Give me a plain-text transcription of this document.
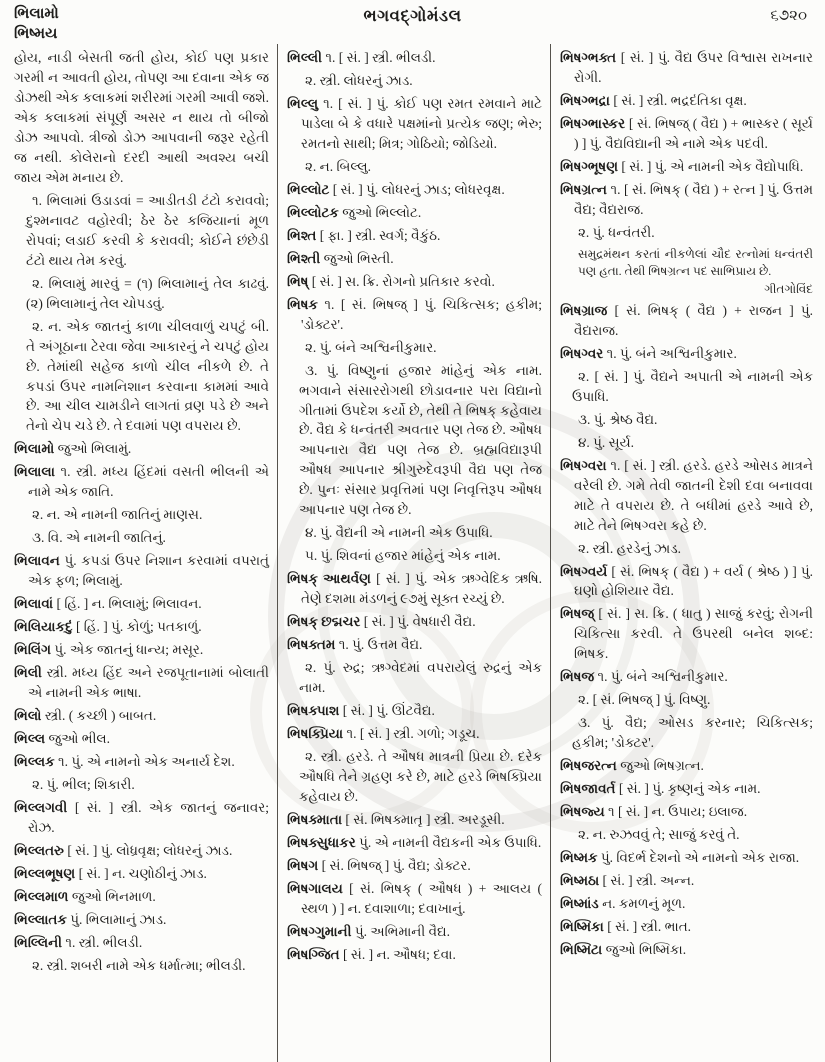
ભિલામો
ભિષ્મય
ભગવદ્ગોમંડલ	૬૭૨૦

હોય, નાડી બેસતી જતી હોય, કોઈ પણ પ્રકાર ગરમી ન આવતી હોય, તોપણ આ દવાના એક જ ડોઝથી એક કલાકમાં શરીરમાં ગરમી આવી જશે. એક કલાકમાં સંપૂર્ણ અસર ન થાય તો બીજો ડોઝ આપવો. ત્રીજો ડોઝ આપવાની જરૂર રહેતી જ નથી. કોલેરાનો દરદી આથી અવશ્ય બચી જાય એમ મનાય છે.

૧. ભિલામાં ઉડાડવાં = આડીતડી ટંટો કરાવવો; દુશ્મનાવટ વહોરવી; ઠેર ઠેર કજિયાનાં મૂળ રોપવાં; લડાઈ કરવી કે કરાવવી; કોઈને છંછેડી ટંટો થાય તેમ કરવું.

૨. ભિલામું મારવું = (૧) ભિલામાનું તેલ કાઢવું. (૨) ભિલામાનું તેલ ચોપડવું.

૨. ન. એક જાતનું કાળા ચીલવાળું ચપટું બી. તે અંગૂઠાના ટેરવા જેવા આકારનું ને ચપટું હોય છે. તેમાંથી સહેજ કાળો ચીલ નીકળે છે. તે કપડાં ઉપર નામનિશાન કરવાના કામમાં આવે છે. આ ચીલ ચામડીને લાગતાં વ્રણ પડે છે અને તેનો ચેપ ચડે છે. તે દવામાં પણ વપરાય છે.

ભિલામો જુઓ ભિલામું.

ભિલાલા ૧. સ્ત્રી. મધ્ય હિંદમાં વસતી ભીલની એ નામે એક જાતિ.

૨. ન. એ નામની જાતિનું માણસ.

૩. વિ. એ નામની જાતિનું.

ભિલાવન પું. કપડાં ઉપર નિશાન કરવામાં વપરાતું એક ફળ; ભિલામું.

ભિલાવાં [ હિં. ] ન. ભિલામું; ભિલાવન.

ભિલિયાકદું [ હિં. ] પું. કોળું; પતકાળું.

ભિલિંગ પું. એક જાતનું ધાન્ય; મસૂર.

ભિલી સ્ત્રી. મધ્ય હિંદ અને રજપૂતાનામાં બોલાતી એ નામની એક ભાષા.

ભિલો સ્ત્રી. ( કચ્છી ) બાબત.

ભિલ્લ જુઓ ભીલ.

ભિલ્લક ૧. પું. એ નામનો એક અનાર્ય દેશ.

૨. પું. ભીલ; શિકારી.

ભિલ્લગવી [ સં. ] સ્ત્રી. એક જાતનું જનાવર; રોઝ.

ભિલ્લતરુ [ સં. ] પું. લોધ્રવૃક્ષ; લોધરનું ઝાડ.

ભિલ્લભૂષણ [ સં. ] ન. ચણોઠીનું ઝાડ.

ભિલ્લમાળ જુઓ ભિનમાળ.

ભિલ્લાતક પું. ભિલામાનું ઝાડ.

ભિલ્લિની ૧. સ્ત્રી. ભીલડી.

૨. સ્ત્રી. શબરી નામે એક ધર્માત્મા; ભીલડી.

ભિલ્લી ૧. [ સં. ] સ્ત્રી. ભીલડી.

૨. સ્ત્રી. લોધરનું ઝાડ.

ભિલ્લુ ૧. [ સં. ] પું. કોઈ પણ રમત રમવાને માટે પાડેલા બે કે વધારે પક્ષમાંનો પ્રત્યેક જણ; ભેરુ; રમતનો સાથી; મિત્ર; ગોઠિયો; જોડિયો.

૨. ન. બિલ્લુ.

ભિલ્લોટ [ સં. ] પું. લોધરનું ઝાડ; લોધરવૃક્ષ.

ભિલ્લોટક જુઓ ભિલ્લોટ.

ભિશ્ત [ ફા. ] સ્ત્રી. સ્વર્ગ; વૈકુંઠ.

ભિશ્તી જુઓ ભિસ્તી.

ભિષ્ [ સં. ] સ. ક્રિ. રોગનો પ્રતિકાર કરવો.

ભિષક ૧. [ સં. ભિષજ્ ] પું. ચિકિત્સક; હકીમ; 'ડોક્ટર'.

૨. પું. બંને અશ્વિનીકુમાર.

૩. પું. વિષ્ણુનાં હજાર માંહેનું એક નામ. ભગવાને સંસારરોગથી છોડાવનાર પરા વિદ્યાનો ગીતામાં ઉપદેશ કર્યો છે, તેથી તે ભિષક્ કહેવાય છે. વૈદ્ય કે ધન્વંતરી અવતાર પણ તેજ છે. ઔષધ આપનારા વૈદ્ય પણ તેજ છે. બ્રહ્મવિદ્યારૂપી ઔષધ આપનાર શ્રીગુરુદેવરૂપી વૈદ્ય પણ તેજ છે. પુનઃ સંસાર પ્રવૃત્તિમાં પણ નિવૃત્તિરૂપ ઔષધ આપનાર પણ તેજ છે.

૪. પું. વૈદ્યની એ નામની એક ઉપાધિ.

૫. પું. શિવનાં હજાર માંહેનું એક નામ.

ભિષક્ આથર્વણ [ સં. ] પું. એક ઋગ્વેદિક ઋષિ. તેણે દશમા મંડળનું ૯૭મું સૂક્ત રચ્યું છે.

ભિષક્ છદ્મચર [ સં. ] પું. વેષધારી વૈદ્ય.

ભિષક્તમ ૧. પું. ઉત્તમ વૈદ્ય.

૨. પું. રુદ્ર; ઋગ્વેદમાં વપરાયેલું રુદ્રનું એક નામ.

ભિષક્પાશ [ સં. ] પું. ઊંટવૈદ્ય.

ભિષક્પ્રિયા ૧. [ સં. ] સ્ત્રી. ગળો; ગડૂચ.

૨. સ્ત્રી. હરડે. તે ઔષધ માત્રની પ્રિયા છે. દરેક ઔષધિ તેને ગ્રહણ કરે છે, માટે હરડે ભિષક્પ્રિયા કહેવાય છે.

ભિષક્માતા [ સં. ભિષક્માતૃ ] સ્ત્રી. અરડૂસી.

ભિષક્સુધાકર પું. એ નામની વૈદ્યકની એક ઉપાધિ.

ભિષગ [ સં. ભિષજ્ ] પું. વૈદ્ય; ડોક્ટર.

ભિષગાલય [ સં. ભિષક્ ( ઔષધ ) + આલય ( સ્થળ ) ] ન. દવાશાળા; દવાખાનું.

ભિષગ્ગુમાની પું. અભિમાની વૈદ્ય.

ભિષગ્જિત [ સં. ] ન. ઔષધ; દવા.

ભિષગ્ભક્ત [ સં. ] પું. વૈદ્ય ઉપર વિશ્વાસ રાખનાર રોગી.

ભિષગ્ભદ્રા [ સં. ] સ્ત્રી. ભદ્રદંતિકા વૃક્ષ.

ભિષગ્ભાસ્કર [ સં. ભિષજ્ ( વૈદ્ય ) + ભાસ્કર ( સૂર્ય ) ] પું. વૈદ્યવિદ્યાની એ નામે એક પદવી.

ભિષગ્ભૂષણ [ સં. ] પું. એ નામની એક વૈદ્યોપાધિ.

ભિષગ્રત્ન ૧. [ સં. ભિષક્ ( વૈદ્ય ) + રત્ન ] પું. ઉત્તમ વૈદ્ય; વૈદ્યરાજ.

૨. પું. ધન્વંતરી.

સમુદ્રમંથન કરતાં નીકળેલાં ચૌદ રત્નોમાં ધન્વંતરી પણ હતા. તેથી ભિષગ્રત્ન પદ સાભિપ્રાય છે.
ગીતગોવિંદ

ભિષગ્રાજ [ સં. ભિષક્ ( વૈદ્ય ) + રાજન ] પું. વૈદ્યરાજ.

ભિષગ્વર ૧. પું. બંને અશ્વિનીકુમાર.

૨. [ સં. ] પું. વૈદ્યને અપાતી એ નામની એક ઉપાધિ.

૩. પું. શ્રેષ્ઠ વૈદ્ય.

૪. પું. સૂર્ય.

ભિષગ્વરા ૧. [ સં. ] સ્ત્રી. હરડે. હરડે ઓસડ માત્રને વરેલી છે. ગમે તેવી જાતની દેશી દવા બનાવવા માટે તે વપરાય છે. તે બધીમાં હરડે આવે છે, માટે તેને ભિષગ્વરા કહે છે.

૨. સ્ત્રી. હરડેનું ઝાડ.

ભિષગ્વર્ય [ સં. ભિષક્ ( વૈદ્ય ) + વર્ય ( શ્રેષ્ઠ ) ] પું. ઘણો હોશિયાર વૈદ્ય.

ભિષજ્ [ સં. ] સ. ક્રિ. ( ધાતુ ) સાજું કરવું; રોગની ચિકિત્સા કરવી. તે ઉપરથી બનેલ શબ્દ: ભિષક.

ભિષજ ૧. પું. બંને અશ્વિનીકુમાર.

૨. [ સં. ભિષજ્ ] પું. વિષ્ણુ.

૩. પું. વૈદ્ય; ઓસડ કરનાર; ચિકિત્સક; હકીમ; 'ડોક્ટર'.

ભિષજરત્ન જુઓ ભિષગ્રત્ન.

ભિષજાવર્ત [ સં. ] પું. કૃષ્ણનું એક નામ.

ભિષજ્ય ૧ [ સં. ] ન. ઉપાય; ઇલાજ.

૨. ન. રુઝવવું તે; સાજું કરવું તે.

ભિષ્મક પું. વિદર્ભ દેશનો એ નામનો એક રાજા.

ભિષ્મઠા [ સં. ] સ્ત્રી. અન્ન.

ભિષ્માંડ ન. કમળનું મૂળ.

ભિષ્મિકા [ સં. ] સ્ત્રી. ભાત.

ભિષ્મિટા જુઓ ભિષ્મિકા.
